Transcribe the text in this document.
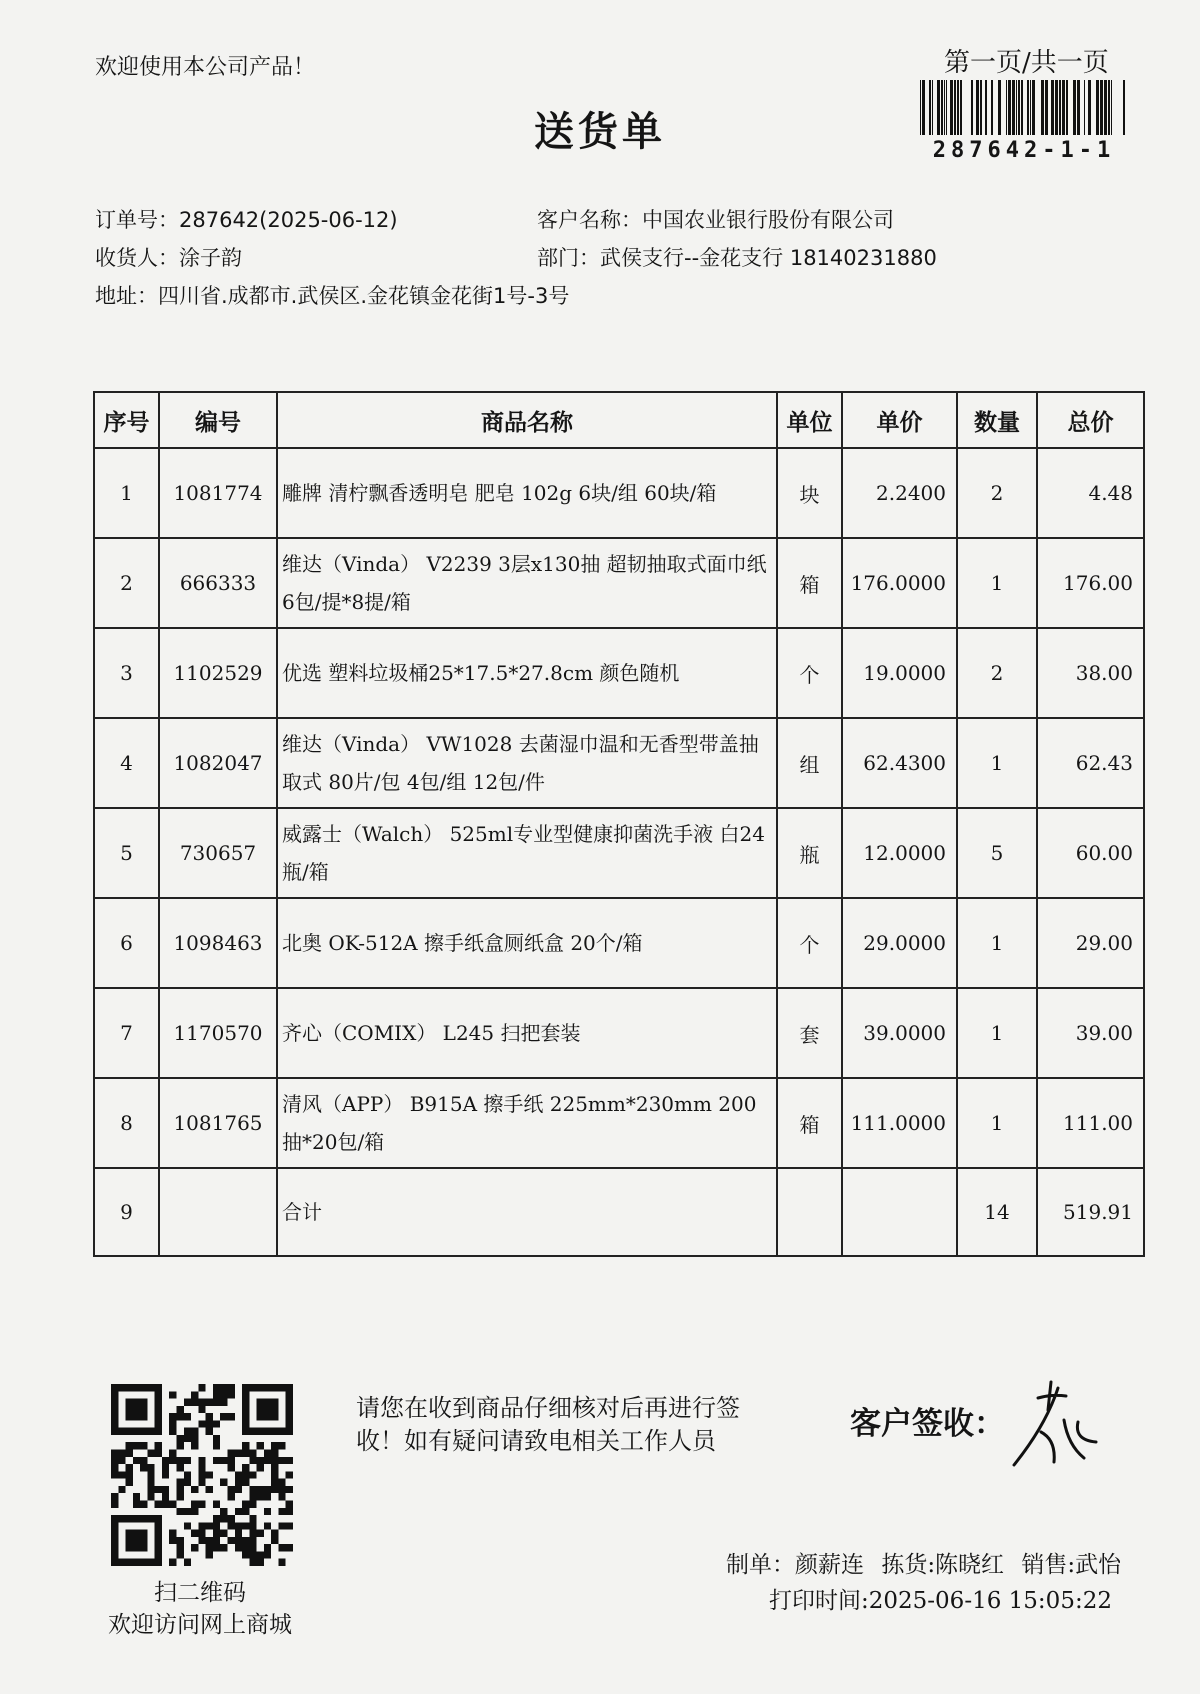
欢迎使用本公司产品！	第一页/共一页
287642-1-1
送货单
订单号：287642(2025-06-12)	客户名称：中国农业银行股份有限公司
收货人：涂子韵	部门：武侯支行--金花支行 18140231880
地址：四川省.成都市.武侯区.金花镇金花街1号-3号
序号	编号	商品名称	单位	单价	数量	总价
1	1081774	雕牌 清柠飘香透明皂 肥皂 102g 6块/组 60块/箱	块	2.2400	2	4.48
2	666333	维达（Vinda） V2239 3层x130抽 超韧抽取式面巾纸 6包/提*8提/箱	箱	176.0000	1	176.00
3	1102529	优选 塑料垃圾桶25*17.5*27.8cm 颜色随机	个	19.0000	2	38.00
4	1082047	维达（Vinda） VW1028 去菌湿巾温和无香型带盖抽取式 80片/包 4包/组 12包/件	组	62.4300	1	62.43
5	730657	威露士（Walch） 525ml专业型健康抑菌洗手液 白24瓶/箱	瓶	12.0000	5	60.00
6	1098463	北奥 OK-512A 擦手纸盒厕纸盒 20个/箱	个	29.0000	1	29.00
7	1170570	齐心（COMIX） L245 扫把套装	套	39.0000	1	39.00
8	1081765	清风（APP） B915A 擦手纸 225mm*230mm 200抽*20包/箱	箱	111.0000	1	111.00
9		合计			14	519.91
扫二维码
欢迎访问网上商城
请您在收到商品仔细核对后再进行签收！如有疑问请致电相关工作人员	客户签收：
制单：颜薪连 拣货:陈晓红 销售:武怡
打印时间:2025-06-16 15:05:22
